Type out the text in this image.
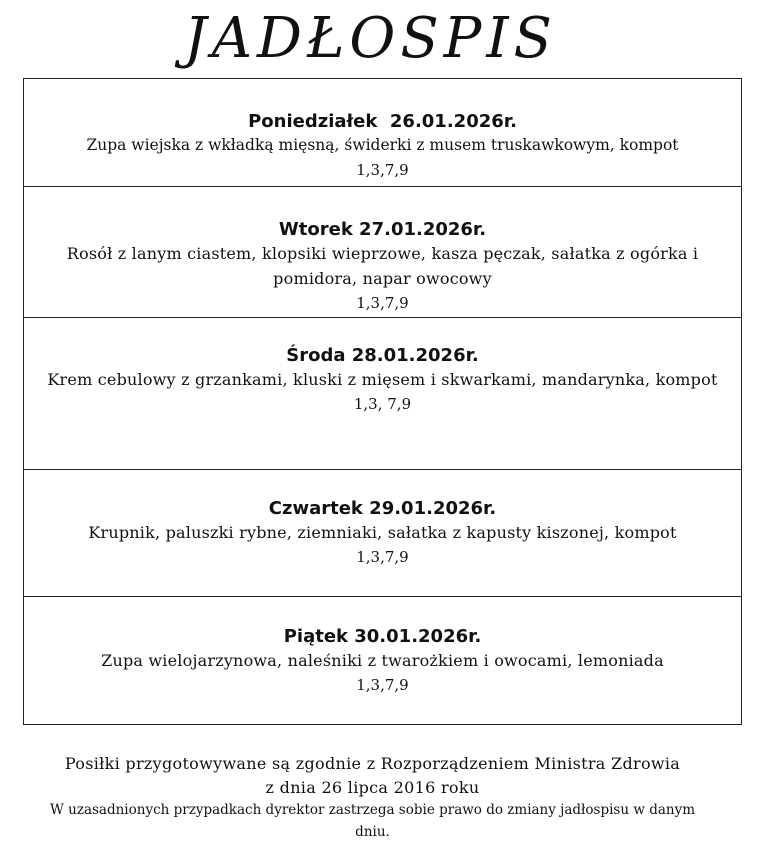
JADŁOSPIS
Poniedziałek  26.01.2026r.
Zupa wiejska z wkładką mięsną, świderki z musem truskawkowym, kompot
1,3,7,9
Wtorek 27.01.2026r.
Rosół z lanym ciastem, klopsiki wieprzowe, kasza pęczak, sałatka z ogórka i pomidora, napar owocowy
1,3,7,9
Środa 28.01.2026r.
Krem cebulowy z grzankami, kluski z mięsem i skwarkami, mandarynka, kompot
1,3, 7,9
Czwartek 29.01.2026r.
Krupnik, paluszki rybne, ziemniaki, sałatka z kapusty kiszonej, kompot
1,3,7,9
Piątek 30.01.2026r.
Zupa wielojarzynowa, naleśniki z twarożkiem i owocami, lemoniada
1,3,7,9
Posiłki przygotowywane są zgodnie z Rozporządzeniem Ministra Zdrowia
z dnia 26 lipca 2016 roku
W uzasadnionych przypadkach dyrektor zastrzega sobie prawo do zmiany jadłospisu w danym dniu.
